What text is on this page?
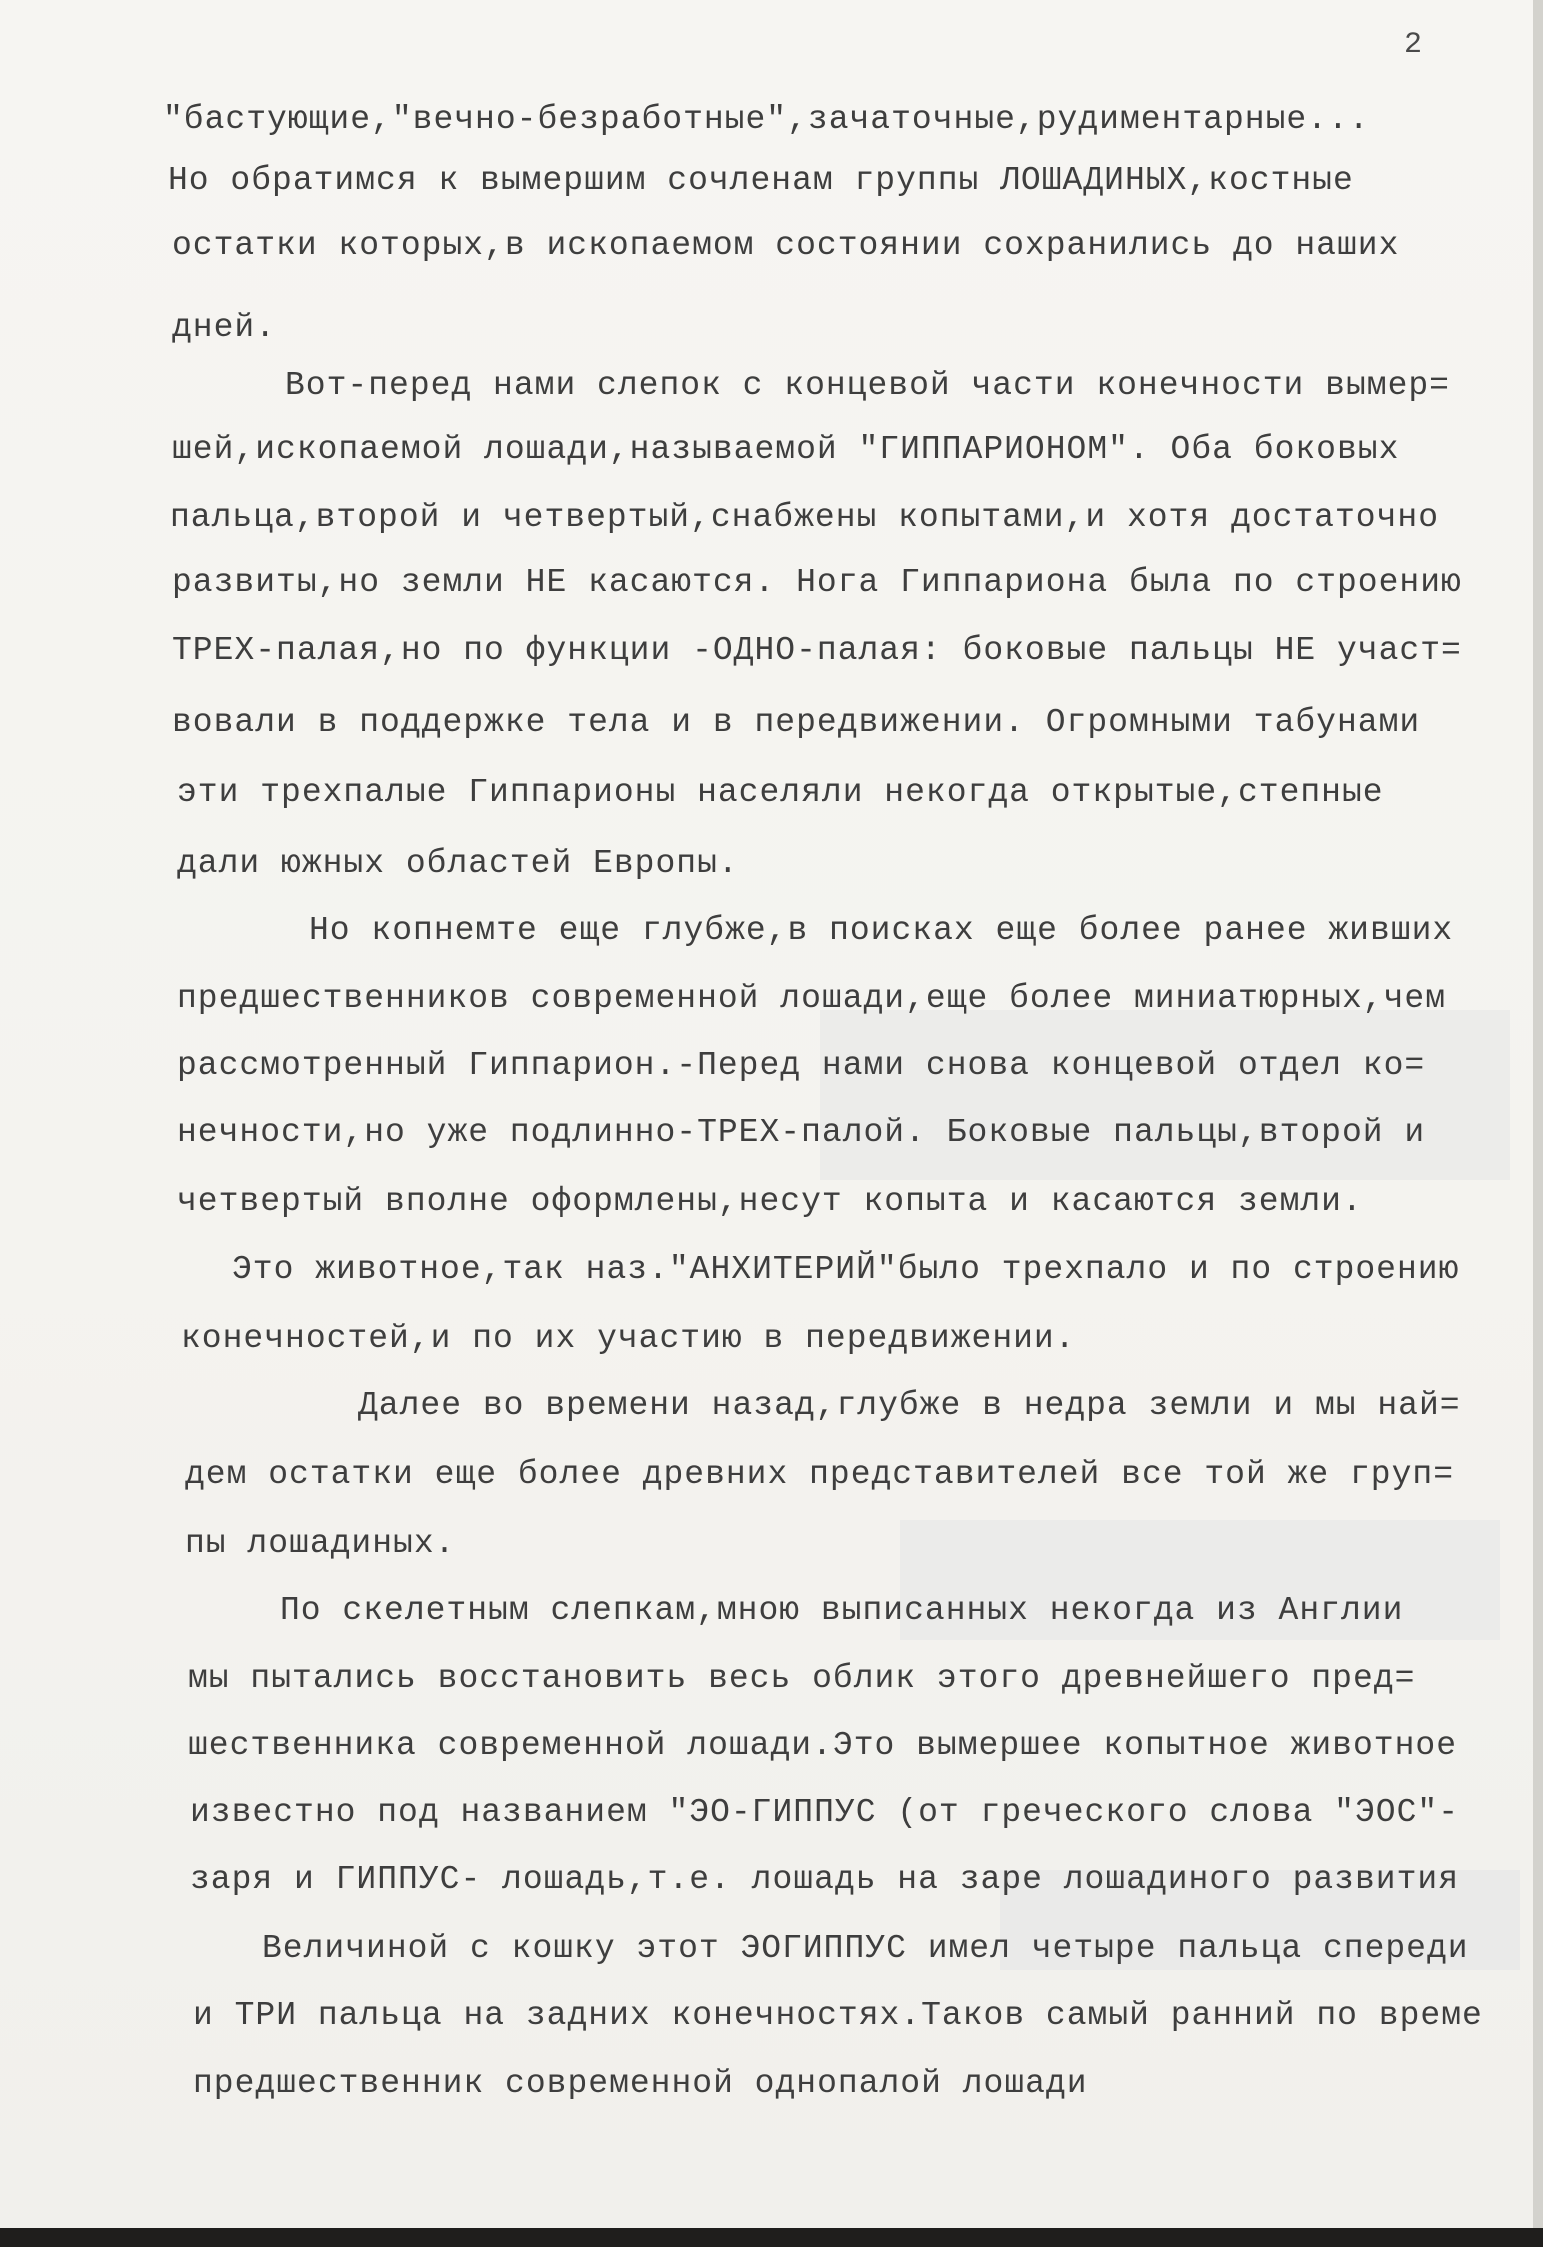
2
"бастующие,"вечно-безработные",зачаточные,рудиментарные...
Но обратимся к вымершим сочленам группы ЛОШАДИНЫХ,костные
остатки которых,в ископаемом состоянии сохранились до наших
дней.
Вот-перед нами слепок с концевой части конечности вымер=
шей,ископаемой лошади,называемой "ГИППАРИОНОМ". Оба боковых
пальца,второй и четвертый,снабжены копытами,и хотя достаточно
развиты,но земли НЕ касаются. Нога Гиппариона была по строению
ТРЕХ-палая,но по функции -ОДНО-палая: боковые пальцы НЕ участ=
вовали в поддержке тела и в передвижении. Огромными табунами
эти трехпалые Гиппарионы населяли некогда открытые,степные
дали южных областей Европы.
Но копнемте еще глубже,в поисках еще более ранее живших
предшественников современной лошади,еще более миниатюрных,чем
рассмотренный Гиппарион.-Перед нами снова концевой отдел ко=
нечности,но уже подлинно-ТРЕХ-палой. Боковые пальцы,второй и
четвертый вполне оформлены,несут копыта и касаются земли.
Это животное,так наз."АНХИТЕРИЙ"было трехпало и по строению
конечностей,и по их участию в передвижении.
Далее во времени назад,глубже в недра земли и мы най=
дем остатки еще более древних представителей все той же груп=
пы лошадиных.
По скелетным слепкам,мною выписанных некогда из Англии
мы пытались восстановить весь облик этого древнейшего пред=
шественника современной лошади.Это вымершее копытное животное
известно под названием "ЭО-ГИППУС (от греческого слова "ЭОС"-
заря и ГИППУС- лошадь,т.е. лошадь на заре лошадиного развития
Величиной с кошку этот ЭОГИППУС имел четыре пальца спереди
и ТРИ пальца на задних конечностях.Таков самый ранний по време
предшественник современной однопалой лошади
